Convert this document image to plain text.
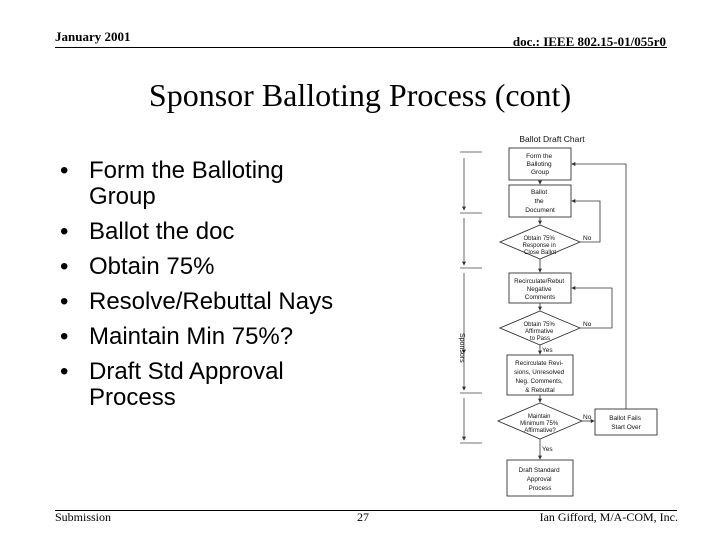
January 2001	doc.: IEEE 802.15-01/055r0
Sponsor Balloting Process (cont)
• Form the Balloting Group
• Ballot the doc
• Obtain 75%
• Resolve/Rebuttal Nays
• Maintain Min 75%?
• Draft Std Approval Process
Ballot Draft Chart
Sponsors
Form the Balloting Group
Ballot the Document
Obtain 75% Response in Close Ballot
Recirculate/Rebut Negative Comments
Obtain 75% Affirmative to Pass
Recirculate Revi- sions, Unresolved Neg. Comments, & Rebuttal
Maintain Minimum 75% Affirmative?
Draft Standard Approval Process
Ballot Fails Start Over
No
No
No
Yes
Yes
Submission	27	Ian Gifford, M/A-COM, Inc.
